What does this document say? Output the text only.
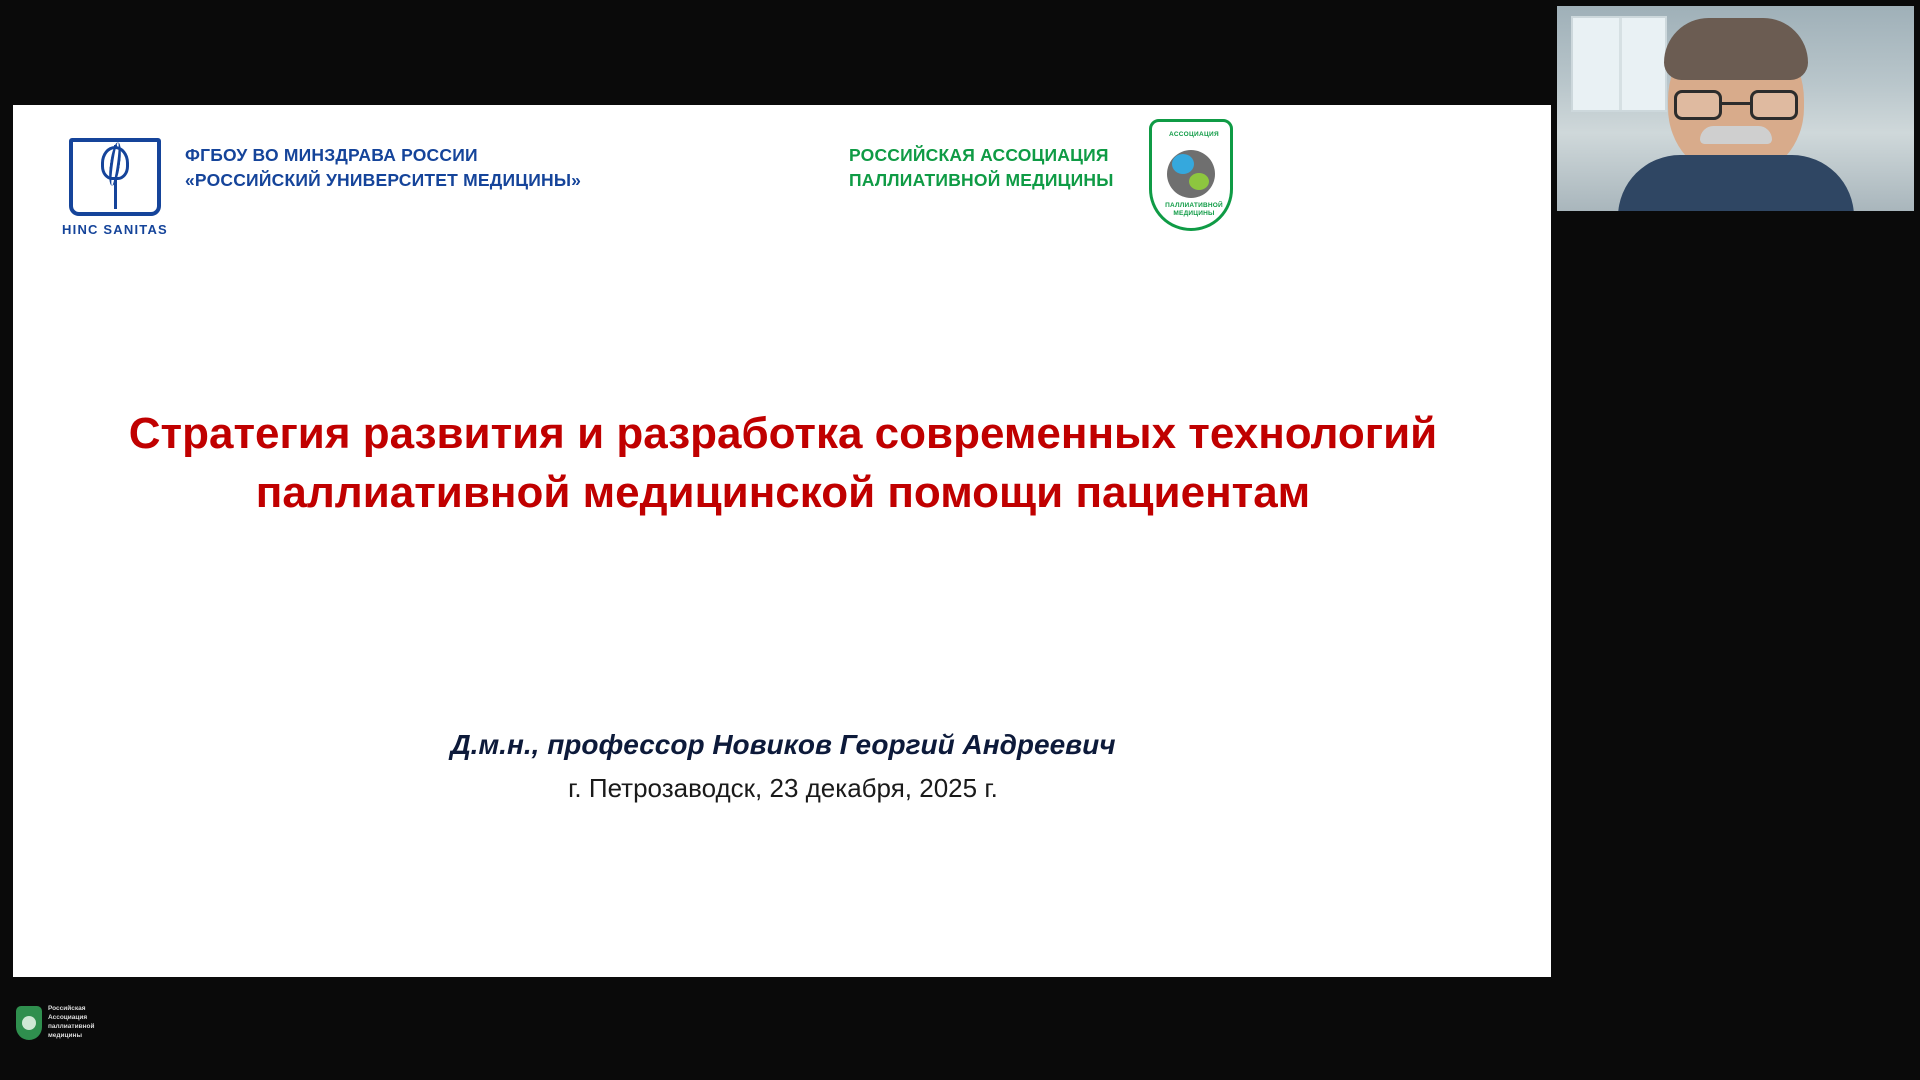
HINC SANITAS
ФГБОУ ВО МИНЗДРАВА РОССИИ
«РОССИЙСКИЙ УНИВЕРСИТЕТ МЕДИЦИНЫ»
РОССИЙСКАЯ АССОЦИАЦИЯ
ПАЛЛИАТИВНОЙ МЕДИЦИНЫ
АССОЦИАЦИЯ
ПАЛЛИАТИВНОЙ МЕДИЦИНЫ
Стратегия развития и разработка современных технологий паллиативной медицинской помощи пациентам
Д.м.н., профессор Новиков Георгий Андреевич
г. Петрозаводск, 23 декабря, 2025 г.
Российская Ассоциация паллиативной медицины
